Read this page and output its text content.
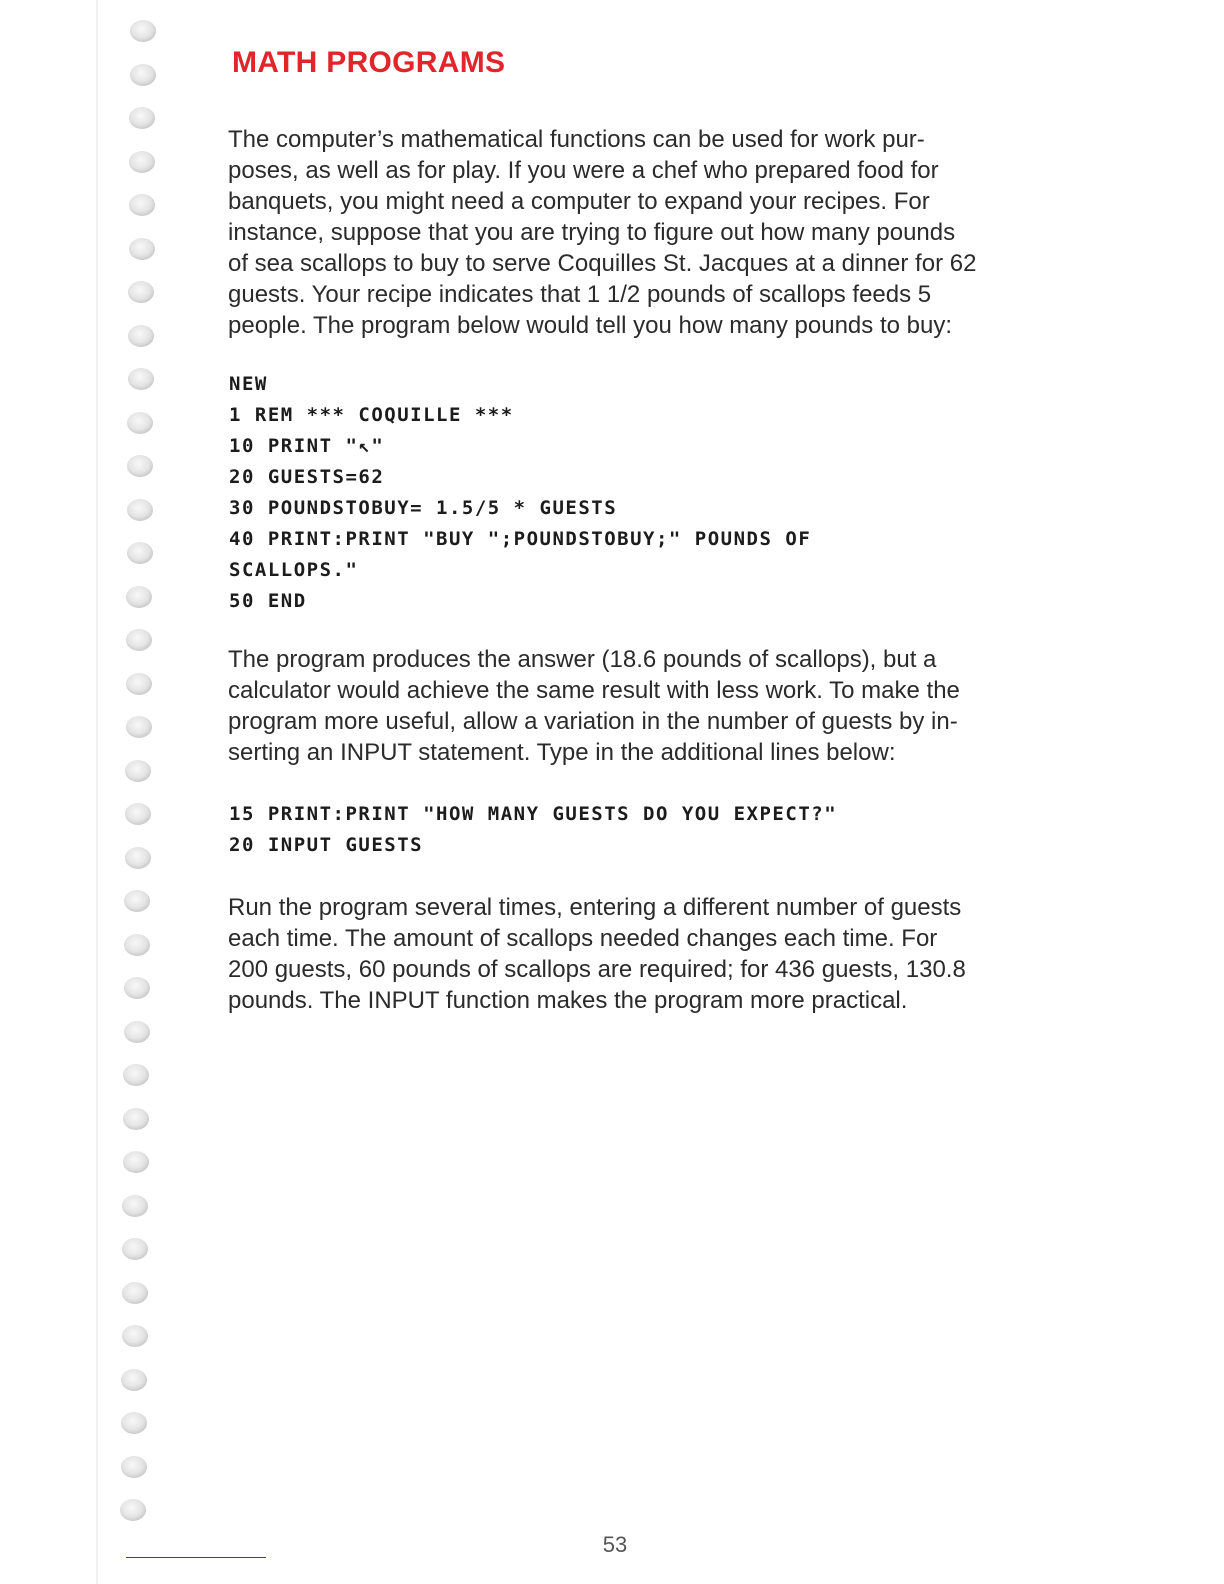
MATH PROGRAMS
The computer’s mathematical functions can be used for work pur-
poses, as well as for play. If you were a chef who prepared food for
banquets, you might need a computer to expand your recipes. For
instance, suppose that you are trying to figure out how many pounds
of sea scallops to buy to serve Coquilles St. Jacques at a dinner for 62
guests. Your recipe indicates that 1 1/2 pounds of scallops feeds 5
people. The program below would tell you how many pounds to buy:
NEW
1 REM *** COQUILLE ***
10 PRINT "↖"
20 GUESTS=62
30 POUNDSTOBUY= 1.5/5 * GUESTS
40 PRINT:PRINT "BUY ";POUNDSTOBUY;" POUNDS OF
SCALLOPS."
50 END
The program produces the answer (18.6 pounds of scallops), but a
calculator would achieve the same result with less work. To make the
program more useful, allow a variation in the number of guests by in-
serting an INPUT statement. Type in the additional lines below:
15 PRINT:PRINT "HOW MANY GUESTS DO YOU EXPECT?"
20 INPUT GUESTS
Run the program several times, entering a different number of guests
each time. The amount of scallops needed changes each time. For
200 guests, 60 pounds of scallops are required; for 436 guests, 130.8
pounds. The INPUT function makes the program more practical.
53
